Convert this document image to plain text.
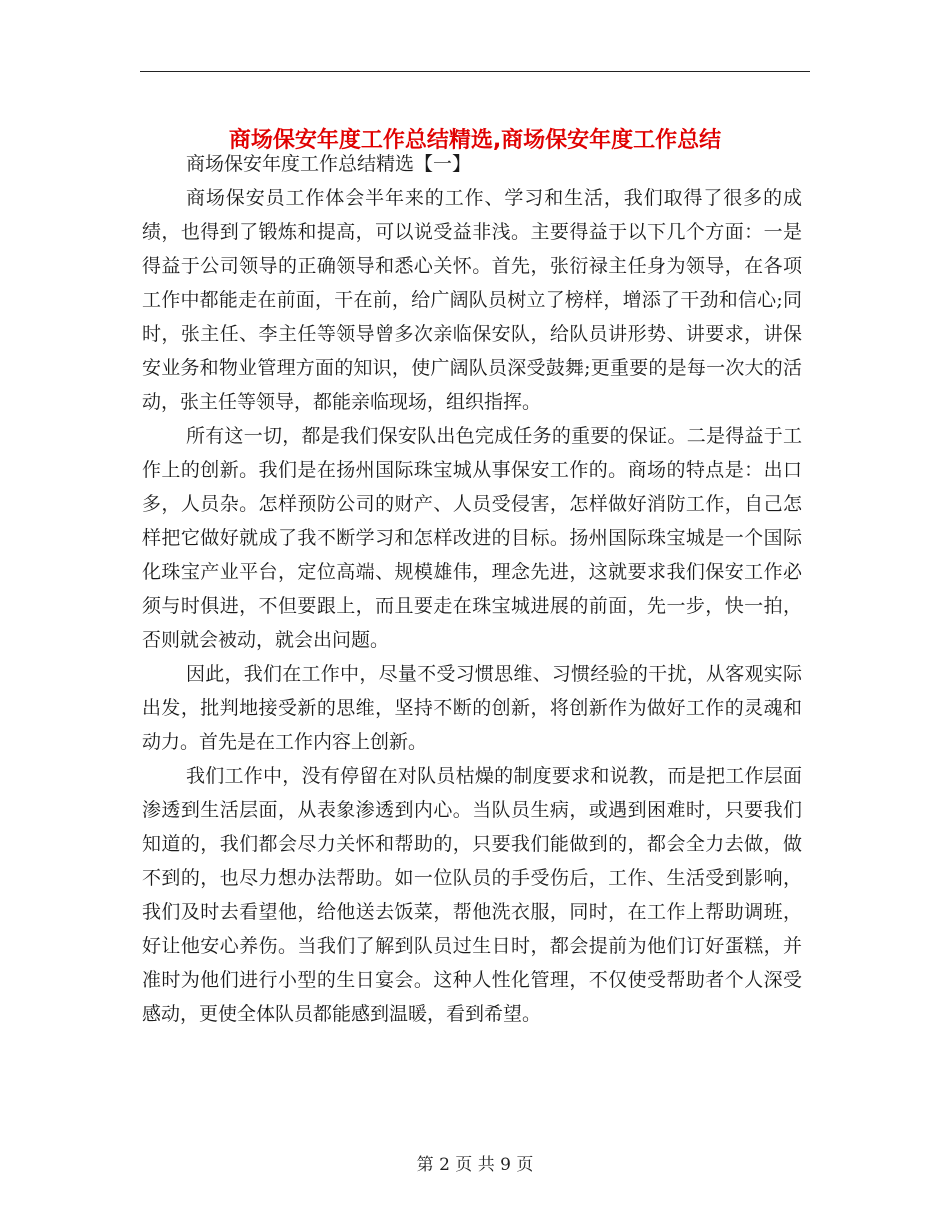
商场保安年度工作总结精选,商场保安年度工作总结

商场保安年度工作总结精选【一】

商场保安员工作体会半年来的工作、学习和生活，我们取得了很多的成绩，也得到了锻炼和提高，可以说受益非浅。主要得益于以下几个方面：一是得益于公司领导的正确领导和悉心关怀。首先，张衍禄主任身为领导，在各项工作中都能走在前面，干在前，给广阔队员树立了榜样，增添了干劲和信心;同时，张主任、李主任等领导曾多次亲临保安队，给队员讲形势、讲要求，讲保安业务和物业管理方面的知识，使广阔队员深受鼓舞;更重要的是每一次大的活动，张主任等领导，都能亲临现场，组织指挥。

所有这一切，都是我们保安队出色完成任务的重要的保证。二是得益于工作上的创新。我们是在扬州国际珠宝城从事保安工作的。商场的特点是：出口多，人员杂。怎样预防公司的财产、人员受侵害，怎样做好消防工作，自己怎样把它做好就成了我不断学习和怎样改进的目标。扬州国际珠宝城是一个国际化珠宝产业平台，定位高端、规模雄伟，理念先进，这就要求我们保安工作必须与时俱进，不但要跟上，而且要走在珠宝城进展的前面，先一步，快一拍，否则就会被动，就会出问题。

因此，我们在工作中，尽量不受习惯思维、习惯经验的干扰，从客观实际出发，批判地接受新的思维，坚持不断的创新，将创新作为做好工作的灵魂和动力。首先是在工作内容上创新。

我们工作中，没有停留在对队员枯燥的制度要求和说教，而是把工作层面渗透到生活层面，从表象渗透到内心。当队员生病，或遇到困难时，只要我们知道的，我们都会尽力关怀和帮助的，只要我们能做到的，都会全力去做，做不到的，也尽力想办法帮助。如一位队员的手受伤后，工作、生活受到影响，我们及时去看望他，给他送去饭菜，帮他洗衣服，同时，在工作上帮助调班，好让他安心养伤。当我们了解到队员过生日时，都会提前为他们订好蛋糕，并准时为他们进行小型的生日宴会。这种人性化管理，不仅使受帮助者个人深受感动，更使全体队员都能感到温暖，看到希望。

第 2 页 共 9 页
